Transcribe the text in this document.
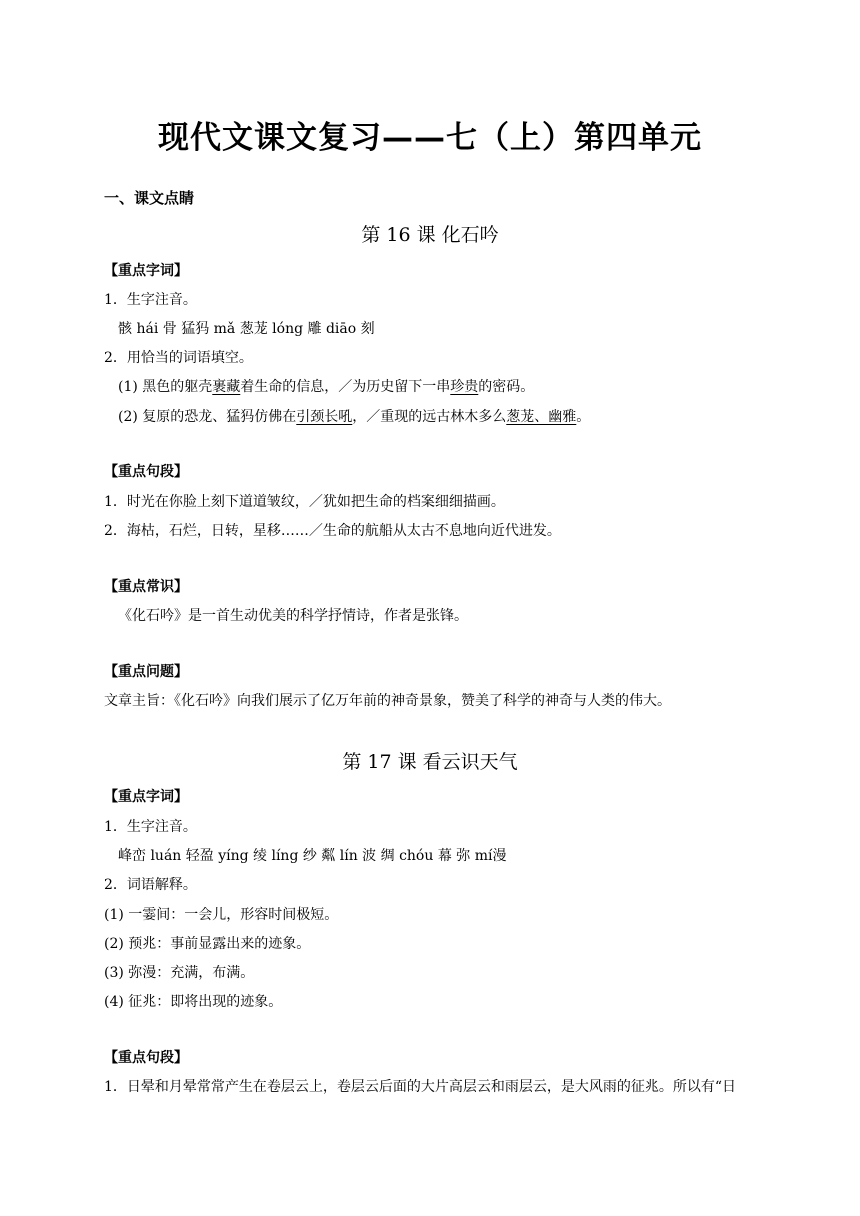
现代文课文复习——七（上）第四单元
一、课文点睛
第 16 课 化石吟
【重点字词】
1．生字注音。
骸 hái 骨 猛犸 mǎ 葱茏 lóng 雕 diāo 刻
2．用恰当的词语填空。
(1) 黑色的躯壳裹藏着生命的信息，／为历史留下一串珍贵的密码。
(2) 复原的恐龙、猛犸仿佛在引颈长吼，／重现的远古林木多么葱茏、幽雅。
【重点句段】
1．时光在你脸上刻下道道皱纹，／犹如把生命的档案细细描画。
2．海枯，石烂，日转，星移……／生命的航船从太古不息地向近代进发。
【重点常识】
《化石吟》是一首生动优美的科学抒情诗，作者是张锋。
【重点问题】
文章主旨：《化石吟》向我们展示了亿万年前的神奇景象，赞美了科学的神奇与人类的伟大。
第 17 课 看云识天气
【重点字词】
1．生字注音。
峰峦 luán 轻盈 yíng 绫 líng 纱 粼 lín 波 绸 chóu 幕 弥 mí漫
2．词语解释。
(1) 一霎间：一会儿，形容时间极短。
(2) 预兆：事前显露出来的迹象。
(3) 弥漫：充满，布满。
(4) 征兆：即将出现的迹象。
【重点句段】
1．日晕和月晕常常产生在卷层云上，卷层云后面的大片高层云和雨层云，是大风雨的征兆。所以有“日
